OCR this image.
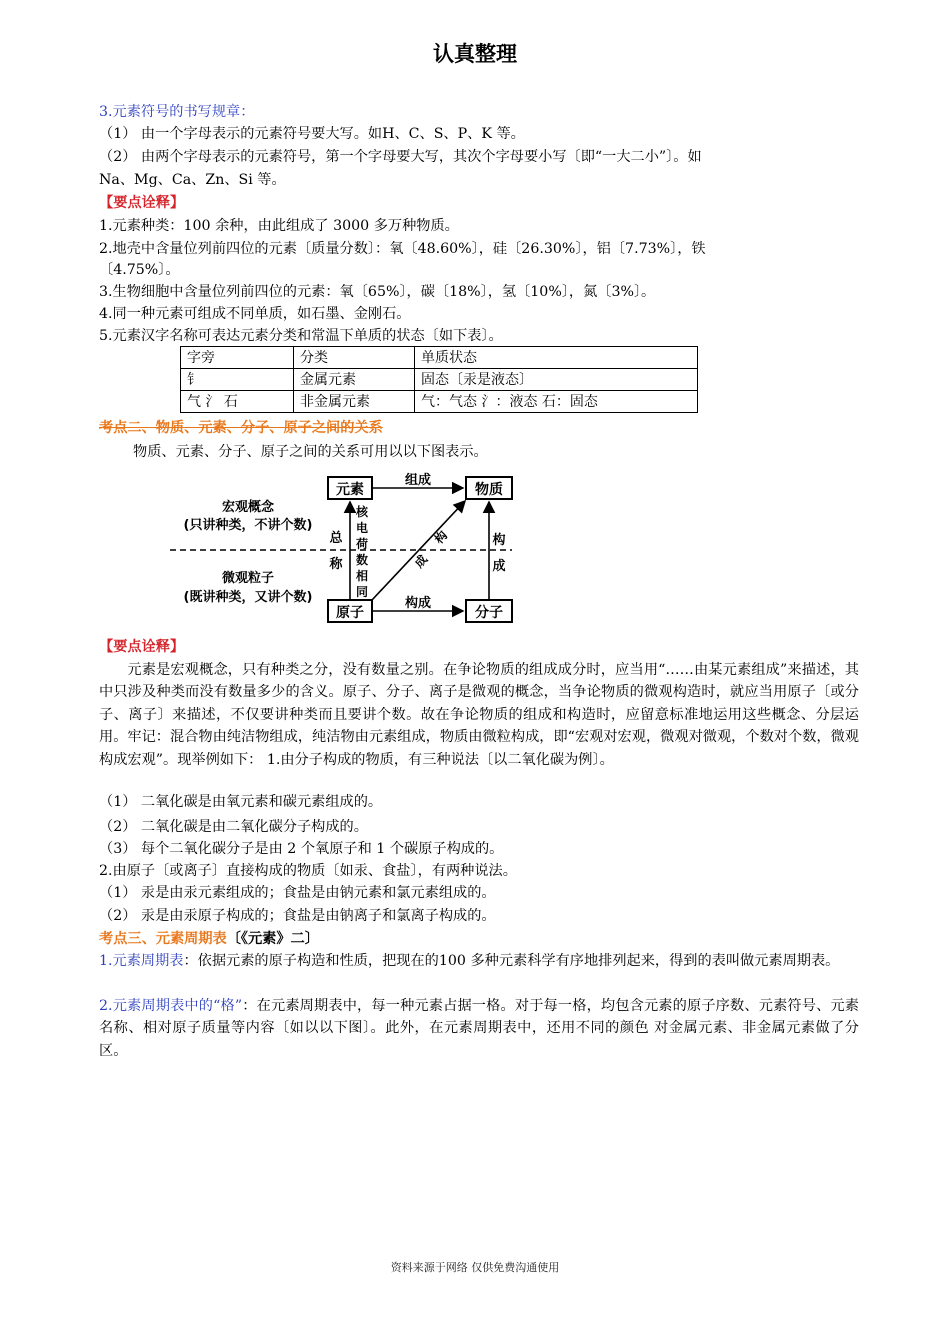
认真整理
3.元素符号的书写规章：
（1） 由一个字母表示的元素符号要大写。如H、C、S、P、K 等。
（2） 由两个字母表示的元素符号，第一个字母要大写，其次个字母要小写〔即“一大二小”〕。如
Na、Mg、Ca、Zn、Si 等。
【要点诠释】
1.元素种类：100 余种，由此组成了 3000 多万种物质。
2.地壳中含量位列前四位的元素〔质量分数〕：氧〔48.60%〕，硅〔26.30%〕，铝〔7.73%〕，铁
〔4.75%〕。
3.生物细胞中含量位列前四位的元素：氧〔65%〕，碳〔18%〕，氢〔10%〕，氮〔3%〕。
4.同一种元素可组成不同单质，如石墨、金刚石。
5.元素汉字名称可表达元素分类和常温下单质的状态〔如下表〕。
字旁	分类	单质状态
钅	金属元素	固态〔汞是液态〕
气 氵 石	非金属元素	气：气态 氵：液态 石：固态
考点二、物质、元素、分子、原子之间的关系
物质、元素、分子、原子之间的关系可用以以下图表示。
元素	物质
原子	分子
组成
构成
总
称
构
成
构
成
核
电
荷
数
相
同
宏观概念
(只讲种类，不讲个数)
微观粒子
(既讲种类，又讲个数)
【要点诠释】
元素是宏观概念，只有种类之分，没有数量之别。在争论物质的组成成分时，应当用“……由某元素组成”来描述，其中只涉及种类而没有数量多少的含义。原子、分子、离子是微观的概念，当争论物质的微观构造时，就应当用原子〔或分子、离子〕来描述，不仅要讲种类而且要讲个数。故在争论物质的组成和构造时，应留意标准地运用这些概念、分层运用。牢记：混合物由纯洁物组成，纯洁物由元素组成，物质由微粒构成，即“宏观对宏观，微观对微观，个数对个数，微观构成宏观”。现举例如下： 1.由分子构成的物质，有三种说法〔以二氧化碳为例〕。
（1） 二氧化碳是由氧元素和碳元素组成的。
（2） 二氧化碳是由二氧化碳分子构成的。
（3） 每个二氧化碳分子是由 2 个氧原子和 1 个碳原子构成的。
2.由原子〔或离子〕直接构成的物质〔如汞、食盐〕，有两种说法。
（1） 汞是由汞元素组成的；食盐是由钠元素和氯元素组成的。
（2） 汞是由汞原子构成的；食盐是由钠离子和氯离子构成的。
考点三、元素周期表〔《元素》二〕
1.元素周期表：依据元素的原子构造和性质，把现在的100 多种元素科学有序地排列起来，得到的表叫做元素周期表。
2.元素周期表中的“格”：在元素周期表中，每一种元素占据一格。对于每一格，均包含元素的原子序数、元素符号、元素名称、相对原子质量等内容〔如以以下图〕。此外，在元素周期表中，还用不同的颜色 对金属元素、非金属元素做了分区。
资料来源于网络 仅供免费沟通使用
